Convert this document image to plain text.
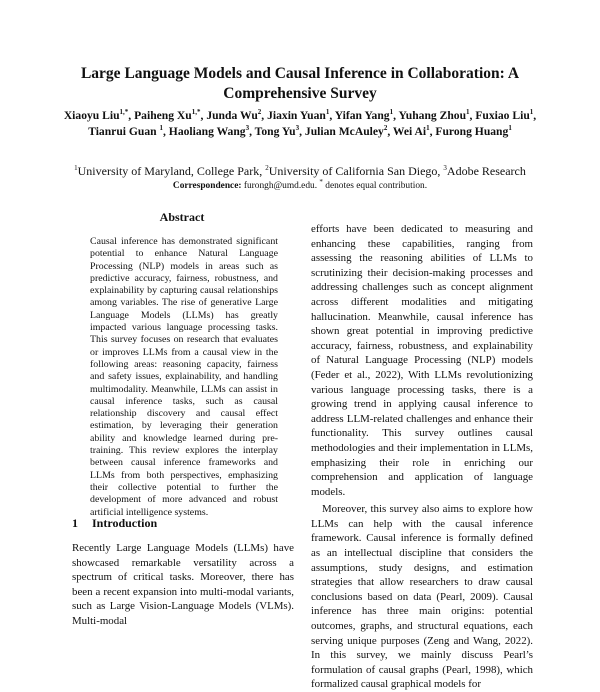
Large Language Models and Causal Inference in Collaboration: A Comprehensive Survey
Xiaoyu Liu$^{1,*}$, Paiheng $Xu^{1,*}$, Junda Wu$^2$, Jiaxin Yuan$^1$, Yifan Yang$^1$, Yuhang Zhou$^1$, Fuxiao Liu$^1$, Tianrui Guan $^1$, Haoliang Wang$^3$, Tong Yu$^3$, Julian McAuley$^2$, Wei Ai$^1$, Furong Huang$^1$
$^1$University of Maryland, College Park, $^2$University of California San Diego, $^3$Adobe Research
Correspondence: furongh@umd.edu. * denotes equal contribution.
Abstract
Causal inference has demonstrated significant potential to enhance Natural Language Processing (NLP) models in areas such as predictive accuracy, fairness, robustness, and explainability by capturing causal relationships among variables. The rise of generative Large Language Models (LLMs) has greatly impacted various language processing tasks. This survey focuses on research that evaluates or improves LLMs from a causal view in the following areas: reasoning capacity, fairness and safety issues, explainability, and handling multimodality. Meanwhile, LLMs can assist in causal inference tasks, such as causal relationship discovery and causal effect estimation, by leveraging their generation ability and knowledge learned during pre-training. This review explores the interplay between causal inference frameworks and LLMs from both perspectives, emphasizing their collective potential to further the development of more advanced and robust artificial intelligence systems.
1 Introduction
Recently Large Language Models (LLMs) have showcased remarkable versatility across a spectrum of critical tasks. Moreover, there has been a recent expansion into multi-modal variants, such as Large Vision-Language Models (VLMs). Multi-modal

efforts have been dedicated to measuring and enhancing these capabilities, ranging from assessing the reasoning abilities of LLMs to scrutinizing their decision-making processes and addressing challenges such as concept alignment across different modalities and mitigating hallucination. Meanwhile, causal inference has shown great potential in improving predictive accuracy, fairness, robustness, and explainability of Natural Language Processing (NLP) models (Feder et al., 2022), With LLMs revolutionizing various language processing tasks, there is a growing trend in applying causal inference to address LLM-related challenges and enhance their functionality. This survey outlines causal methodologies and their implementation in LLMs, emphasizing their role in enriching our comprehension and application of language models.

Moreover, this survey also aims to explore how LLMs can help with the causal inference framework. Causal inference is formally defined as an intellectual discipline that considers the assumptions, study designs, and estimation strategies that allow researchers to draw causal conclusions based on data (Pearl, 2009). Causal inference has three main origins: potential outcomes, graphs, and structural equations, each serving unique purposes (Zeng and Wang, 2022). In this survey, we mainly discuss Pearl’s formulation of causal graphs (Pearl, 1998), which formalized causal graphical models for
